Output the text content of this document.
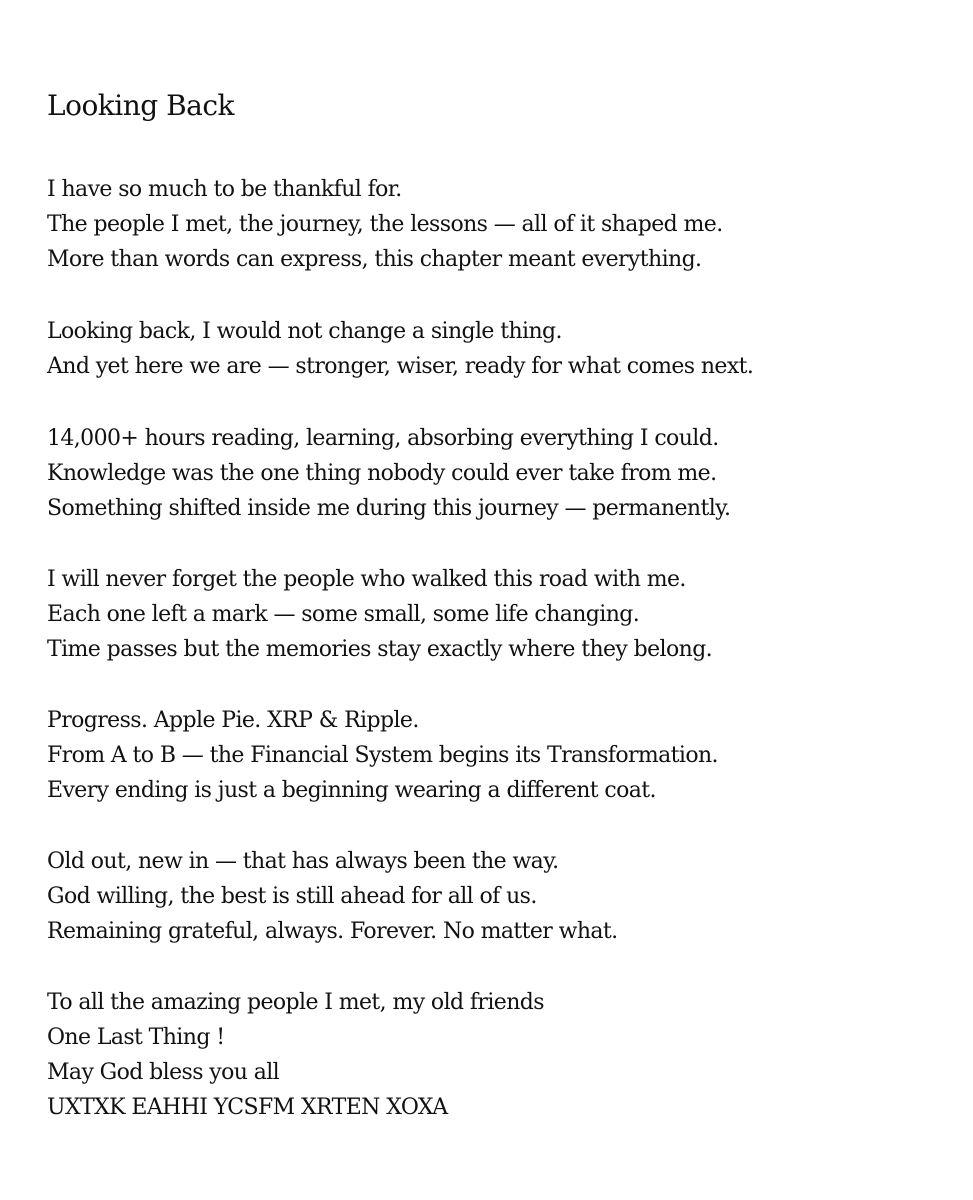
Looking Back

I have so much to be thankful for.
The people I met, the journey, the lessons — all of it shaped me.
More than words can express, this chapter meant everything.

Looking back, I would not change a single thing.
And yet here we are — stronger, wiser, ready for what comes next.

14,000+ hours reading, learning, absorbing everything I could.
Knowledge was the one thing nobody could ever take from me.
Something shifted inside me during this journey — permanently.

I will never forget the people who walked this road with me.
Each one left a mark — some small, some life changing.
Time passes but the memories stay exactly where they belong.

Progress. Apple Pie. XRP & Ripple.
From A to B — the Financial System begins its Transformation.
Every ending is just a beginning wearing a different coat.

Old out, new in — that has always been the way.
God willing, the best is still ahead for all of us.
Remaining grateful, always. Forever. No matter what.

To all the amazing people I met, my old friends
One Last Thing !
May God bless you all
UXTXK EAHHI YCSFM XRTEN XOXA
